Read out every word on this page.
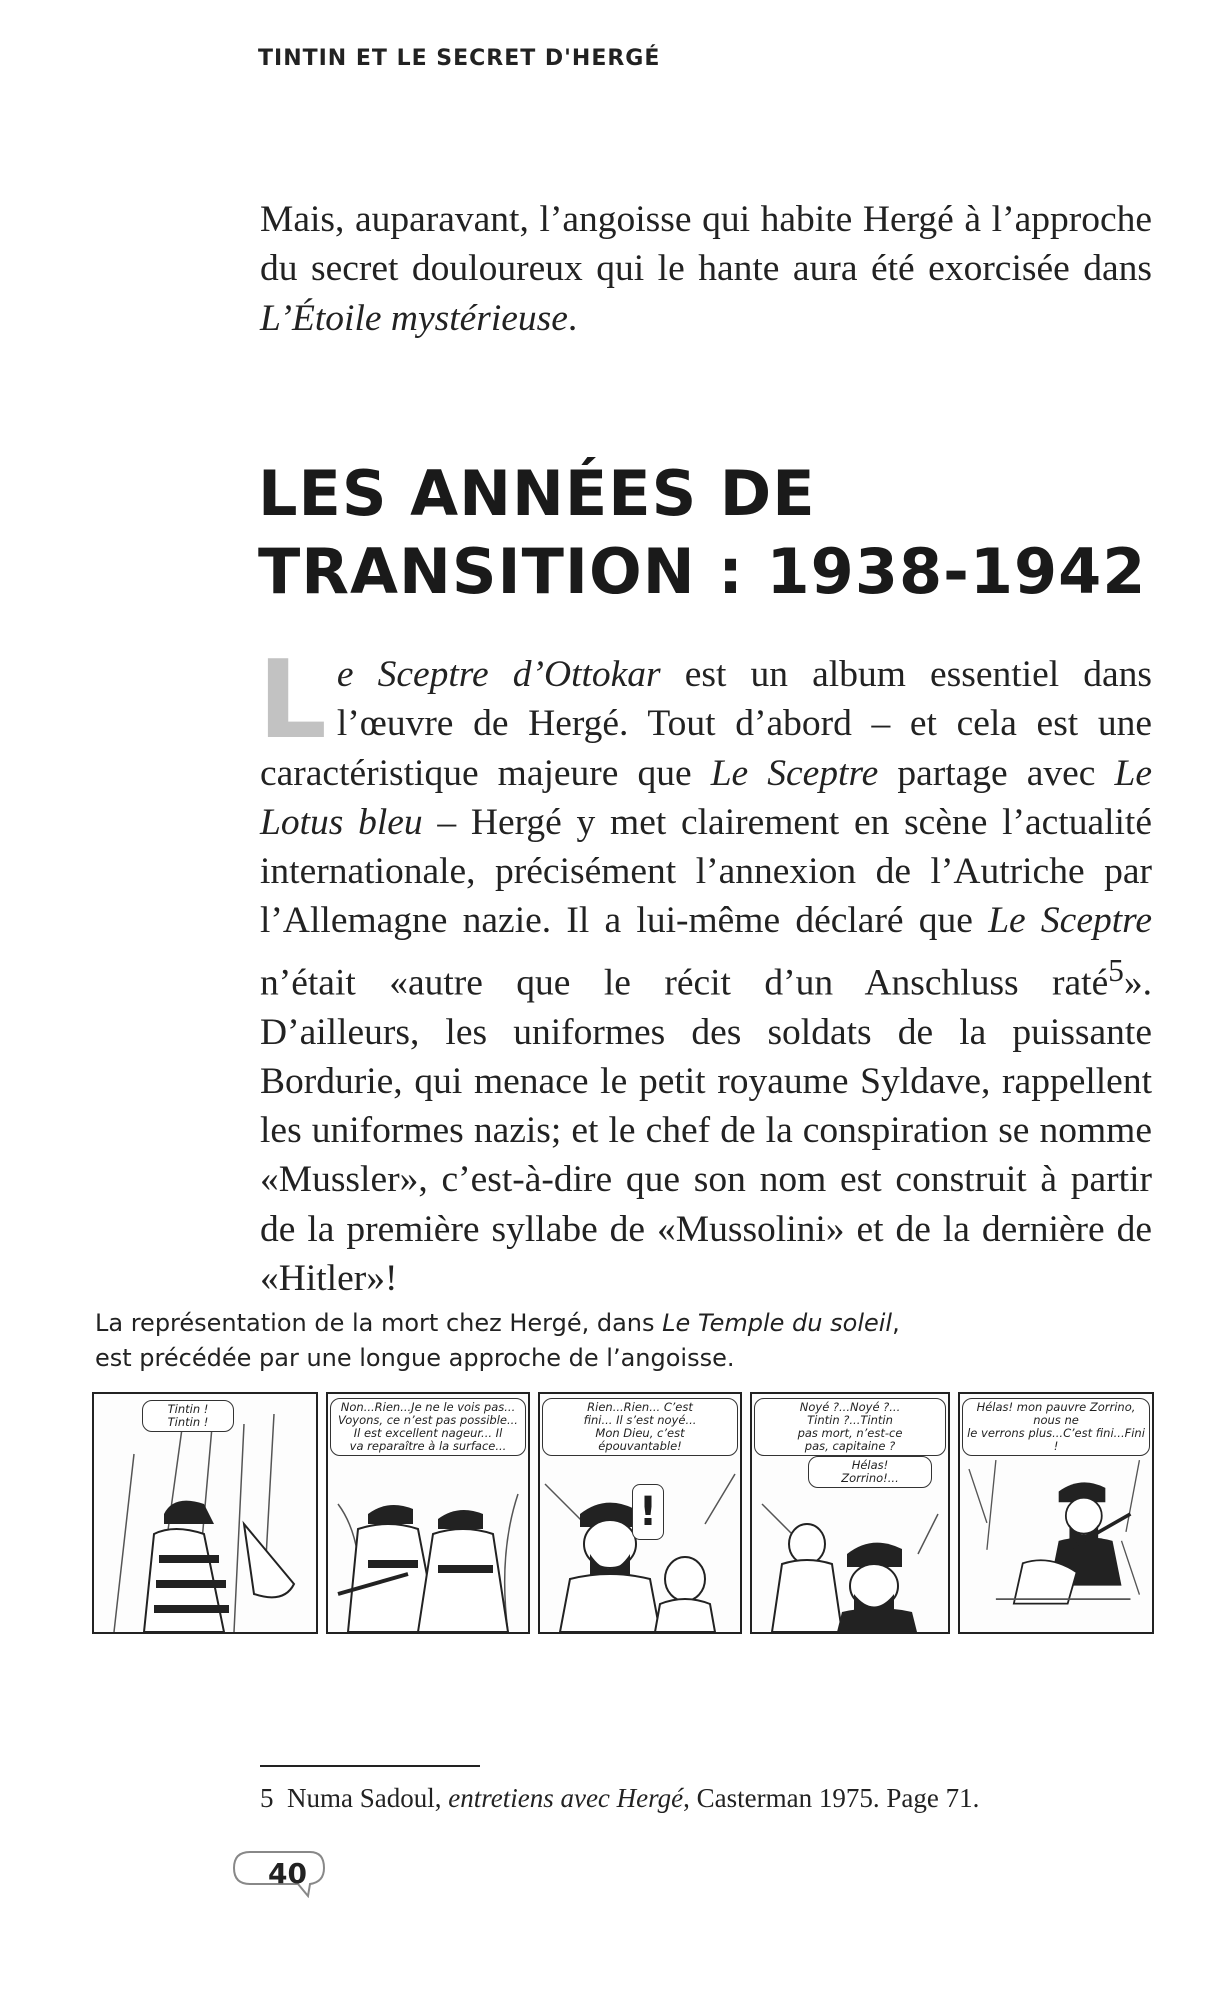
TINTIN ET LE SECRET D'HERGÉ

Mais, auparavant, l’angoisse qui habite Hergé à l’approche du secret douloureux qui le hante aura été exorcisée dans L’Étoile mystérieuse.

LES ANNÉES DE
TRANSITION : 1938-1942

Le Sceptre d’Ottokar est un album essentiel dans l’œuvre de Hergé. Tout d’abord – et cela est une caractéristique majeure que Le Sceptre partage avec Le Lotus bleu – Hergé y met clairement en scène l’actualité internationale, précisément l’annexion de l’Autriche par l’Allemagne nazie. Il a lui-même déclaré que Le Sceptre n’était «autre que le récit d’un Anschluss raté$^5$». D’ailleurs, les uniformes des soldats de la puissante Bordurie, qui menace le petit royaume Syldave, rappellent les uniformes nazis; et le chef de la conspiration se nomme «Mussler», c’est-à-dire que son nom est construit à partir de la première syllabe de «Mussolini» et de la dernière de «Hitler»!

La représentation de la mort chez Hergé, dans Le Temple du soleil,
est précédée par une longue approche de l’angoisse.

Tintin !
Tintin !
Non...Rien...Je ne le vois pas...
Voyons, ce n’est pas possible...
Il est excellent nageur... Il
va reparaître à la surface...
Rien...Rien... C’est
fini... Il s’est noyé...
Mon Dieu, c’est
épouvantable!
!
Noyé ?...Noyé ?...
Tintin ?...Tintin
pas mort, n’est-ce
pas, capitaine ?
Hélas!
Zorrino!...
Hélas! mon pauvre Zorrino, nous ne
le verrons plus...C’est fini...Fini !

5 Numa Sadoul, entretiens avec Hergé, Casterman 1975. Page 71.

40
